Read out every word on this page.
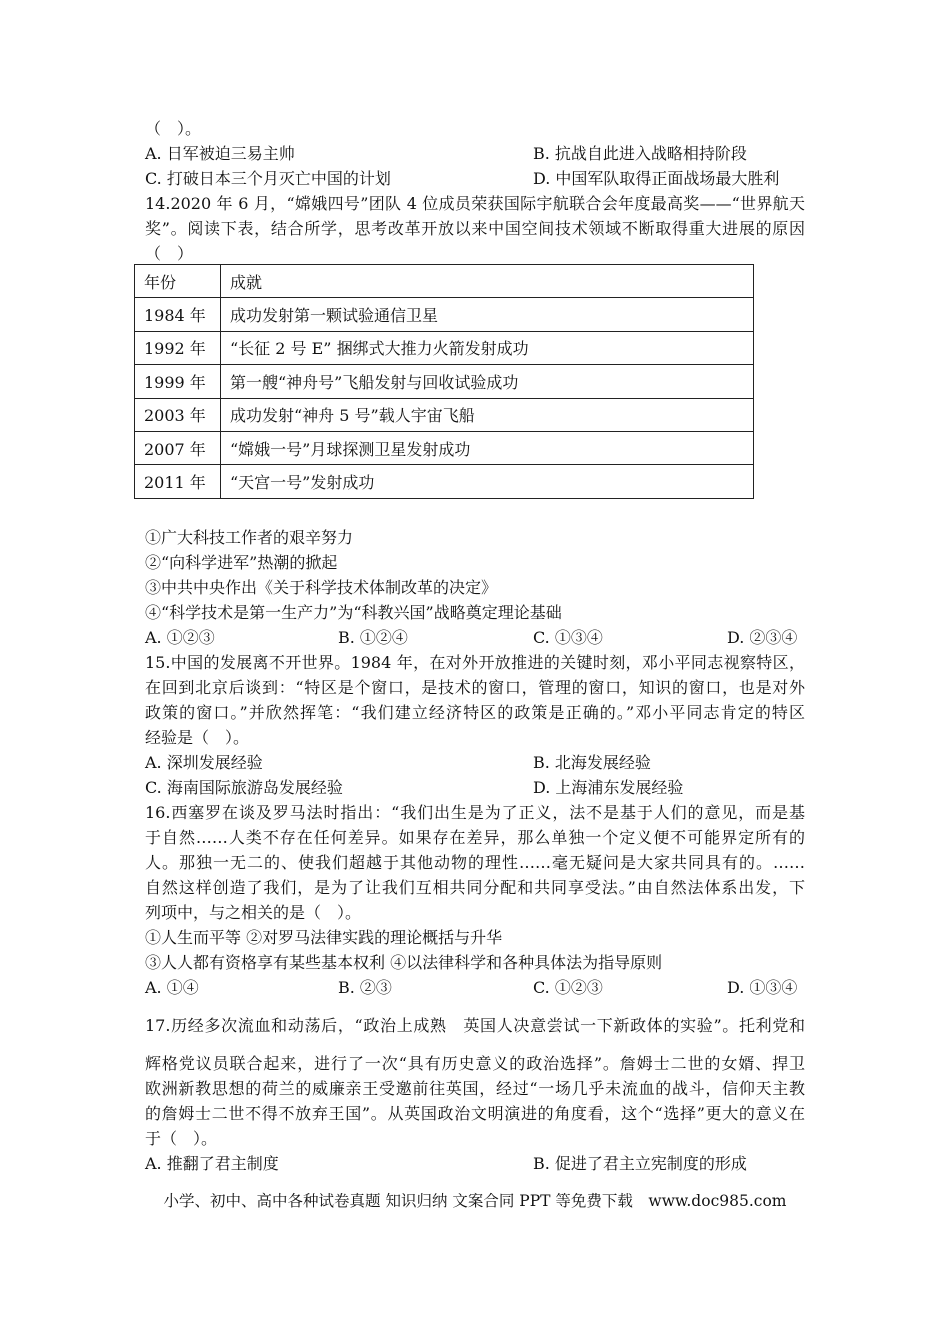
（　）。
A. 日军被迫三易主帅	B. 抗战自此进入战略相持阶段
C. 打破日本三个月灭亡中国的计划	D. 中国军队取得正面战场最大胜利
14.2020 年 6 月，“嫦娥四号”团队 4 位成员荣获国际宇航联合会年度最高奖——“世界航天
奖”。阅读下表，结合所学，思考改革开放以来中国空间技术领域不断取得重大进展的原因
（　）
年份	成就
1984 年	成功发射第一颗试验通信卫星
1992 年	“长征 2 号 E” 捆绑式大推力火箭发射成功
1999 年	第一艘“神舟号”飞船发射与回收试验成功
2003 年	成功发射“神舟 5 号”载人宇宙飞船
2007 年	“嫦娥一号”月球探测卫星发射成功
2011 年	“天宫一号”发射成功
①广大科技工作者的艰辛努力
②“向科学进军”热潮的掀起
③中共中央作出《关于科学技术体制改革的决定》
④“科学技术是第一生产力”为“科教兴国”战略奠定理论基础
A. ①②③	B. ①②④	C. ①③④	D. ②③④
15.中国的发展离不开世界。1984 年，在对外开放推进的关键时刻，邓小平同志视察特区，
在回到北京后谈到：“特区是个窗口，是技术的窗口，管理的窗口，知识的窗口，也是对外
政策的窗口。”并欣然挥笔：“我们建立经济特区的政策是正确的。”邓小平同志肯定的特区
经验是（　）。
A. 深圳发展经验	B. 北海发展经验
C. 海南国际旅游岛发展经验	D. 上海浦东发展经验
16.西塞罗在谈及罗马法时指出：“我们出生是为了正义，法不是基于人们的意见，而是基
于自然……人类不存在任何差异。如果存在差异，那么单独一个定义便不可能界定所有的
人。那独一无二的、使我们超越于其他动物的理性……毫无疑问是大家共同具有的。……
自然这样创造了我们，是为了让我们互相共同分配和共同享受法。”由自然法体系出发，下
列项中，与之相关的是（　）。
①人生而平等 ②对罗马法律实践的理论概括与升华
③人人都有资格享有某些基本权利 ④以法律科学和各种具体法为指导原则
A. ①④	B. ②③	C. ①②③	D. ①③④
17.历经多次流血和动荡后，“政治上成熟　英国人决意尝试一下新政体的实验”。托利党和
辉格党议员联合起来，进行了一次“具有历史意义的政治选择”。詹姆士二世的女婿、捍卫
欧洲新教思想的荷兰的威廉亲王受邀前往英国，经过“一场几乎未流血的战斗，信仰天主教
的詹姆士二世不得不放弃王国”。从英国政治文明演进的角度看，这个“选择”更大的意义在
于（　）。
A. 推翻了君主制度	B. 促进了君主立宪制度的形成
小学、初中、高中各种试卷真题 知识归纳 文案合同 PPT 等免费下载　www.doc985.com
